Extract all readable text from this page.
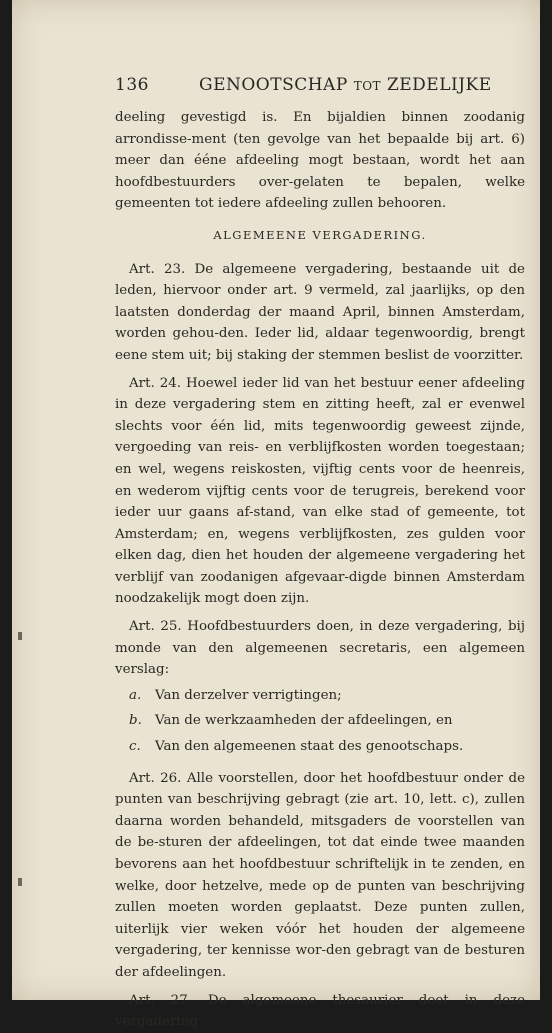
136	GENOOTSCHAP TOT ZEDELIJKE

deeling gevestigd is. En bijaldien binnen zoodanig arrondisse-ment (ten gevolge van het bepaalde bij art. 6) meer dan ééne afdeeling mogt bestaan, wordt het aan hoofdbestuurders over-gelaten te bepalen, welke gemeenten tot iedere afdeeling zullen behooren.

ALGEMEENE VERGADERING.

Art. 23. De algemeene vergadering, bestaande uit de leden, hiervoor onder art. 9 vermeld, zal jaarlijks, op den laatsten donderdag der maand April, binnen Amsterdam, worden gehou-den. Ieder lid, aldaar tegenwoordig, brengt eene stem uit; bij staking der stemmen beslist de voorzitter.

Art. 24. Hoewel ieder lid van het bestuur eener afdeeling in deze vergadering stem en zitting heeft, zal er evenwel slechts voor één lid, mits tegenwoordig geweest zijnde, vergoeding van reis- en verblijfkosten worden toegestaan; en wel, wegens reiskosten, vijftig cents voor de heenreis, en wederom vijftig cents voor de terugreis, berekend voor ieder uur gaans af-stand, van elke stad of gemeente, tot Amsterdam; en, wegens verblijfkosten, zes gulden voor elken dag, dien het houden der algemeene vergadering het verblijf van zoodanigen afgevaar-digde binnen Amsterdam noodzakelijk mogt doen zijn.

Art. 25. Hoofdbestuurders doen, in deze vergadering, bij monde van den algemeenen secretaris, een algemeen verslag:

a. Van derzelver verrigtingen;
b. Van de werkzaamheden der afdeelingen, en
c. Van den algemeenen staat des genootschaps.

Art. 26. Alle voorstellen, door het hoofdbestuur onder de punten van beschrijving gebragt (zie art. 10, lett. c), zullen daarna worden behandeld, mitsgaders de voorstellen van de be-sturen der afdeelingen, tot dat einde twee maanden bevorens aan het hoofdbestuur schriftelijk in te zenden, en welke, door hetzelve, mede op de punten van beschrijving zullen moeten worden geplaatst. Deze punten zullen, uiterlijk vier weken vóór het houden der algemeene vergadering, ter kennisse wor-den gebragt van de besturen der afdeelingen.

Art. 27. De algemeene thesaurier doet in deze vergadering
